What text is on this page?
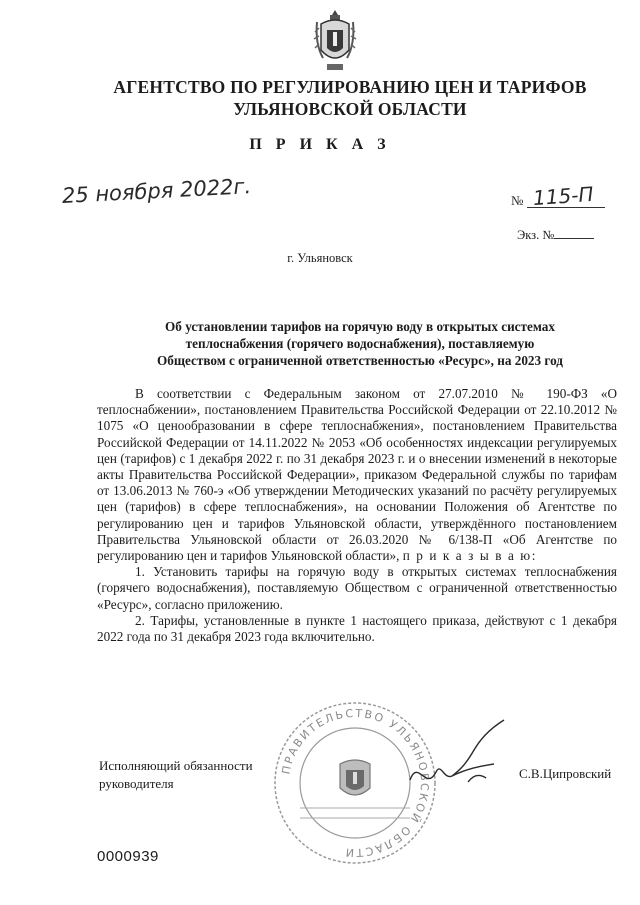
АГЕНТСТВО ПО РЕГУЛИРОВАНИЮ ЦЕН И ТАРИФОВ
УЛЬЯНОВСКОЙ ОБЛАСТИ
П Р И К А З
25 ноября 2022г.	№ 115-П
Экз. №
г. Ульяновск
Об установлении тарифов на горячую воду в открытых системах
теплоснабжения (горячего водоснабжения), поставляемую
Обществом с ограниченной ответственностью «Ресурс», на 2023 год

В соответствии с Федеральным законом от 27.07.2010 № 190-ФЗ «О теплоснабжении», постановлением Правительства Российской Федерации от 22.10.2012 № 1075 «О ценообразовании в сфере теплоснабжения», постановлением Правительства Российской Федерации от 14.11.2022 № 2053 «Об особенностях индексации регулируемых цен (тарифов) с 1 декабря 2022 г. по 31 декабря 2023 г. и о внесении изменений в некоторые акты Правительства Российской Федерации», приказом Федеральной службы по тарифам от 13.06.2013 № 760-э «Об утверждении Методических указаний по расчёту регулируемых цен (тарифов) в сфере теплоснабжения», на основании Положения об Агентстве по регулированию цен и тарифов Ульяновской области, утверждённого постановлением Правительства Ульяновской области от 26.03.2020 № 6/138-П «Об Агентстве по регулированию цен и тарифов Ульяновской области», п р и к а з ы в а ю:

1. Установить тарифы на горячую воду в открытых системах теплоснабжения (горячего водоснабжения), поставляемую Обществом с ограниченной ответственностью «Ресурс», согласно приложению.

2. Тарифы, установленные в пункте 1 настоящего приказа, действуют с 1 декабря 2022 года по 31 декабря 2023 года включительно.

ПРАВИТЕЛЬСТВО УЛЬЯНОВСКОЙ ОБЛАСТИ
Исполняющий обязанности
руководителя
С.В.Ципровский
0000939
